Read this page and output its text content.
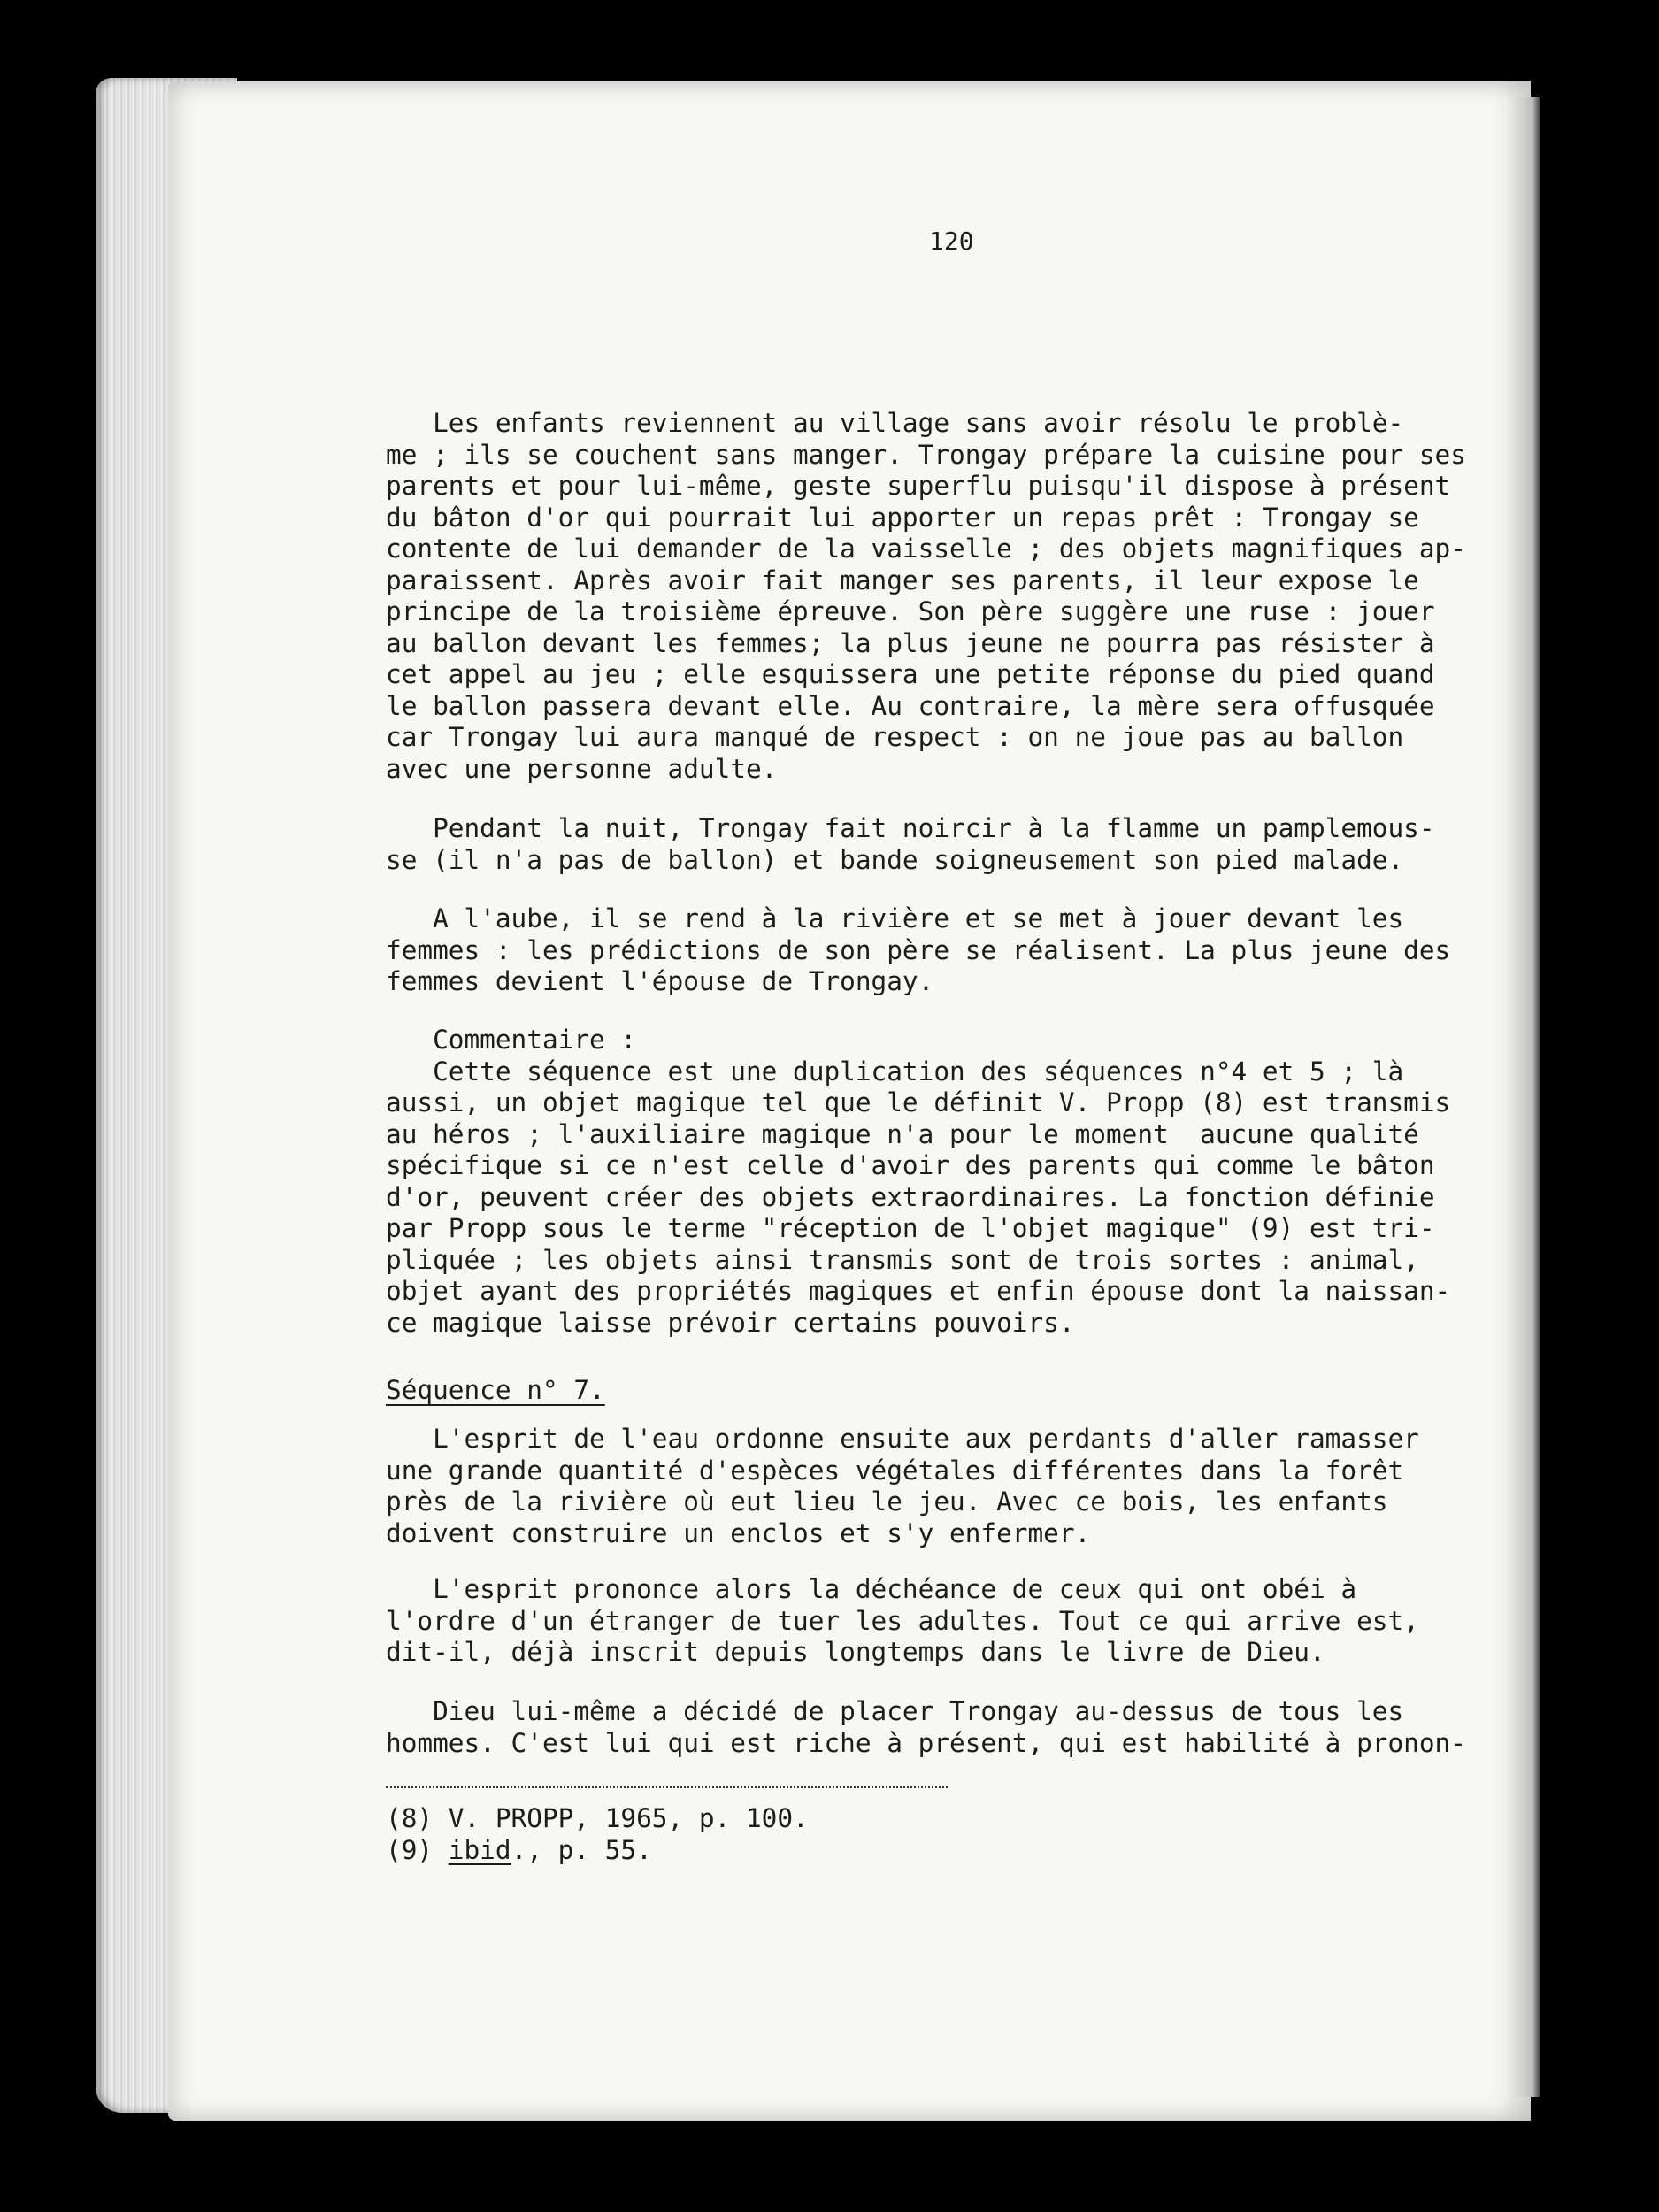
120

Les enfants reviennent au village sans avoir résolu le problè-
me ; ils se couchent sans manger. Trongay prépare la cuisine pour ses
parents et pour lui-même, geste superflu puisqu'il dispose à présent
du bâton d'or qui pourrait lui apporter un repas prêt : Trongay se
contente de lui demander de la vaisselle ; des objets magnifiques ap-
paraissent. Après avoir fait manger ses parents, il leur expose le
principe de la troisième épreuve. Son père suggère une ruse : jouer
au ballon devant les femmes; la plus jeune ne pourra pas résister à
cet appel au jeu ; elle esquissera une petite réponse du pied quand
le ballon passera devant elle. Au contraire, la mère sera offusquée
car Trongay lui aura manqué de respect : on ne joue pas au ballon
avec une personne adulte.

Pendant la nuit, Trongay fait noircir à la flamme un pamplemous-
se (il n'a pas de ballon) et bande soigneusement son pied malade.

A l'aube, il se rend à la rivière et se met à jouer devant les
femmes : les prédictions de son père se réalisent. La plus jeune des
femmes devient l'épouse de Trongay.

Commentaire :
Cette séquence est une duplication des séquences n°4 et 5 ; là
aussi, un objet magique tel que le définit V. Propp (8) est transmis
au héros ; l'auxiliaire magique n'a pour le moment  aucune qualité
spécifique si ce n'est celle d'avoir des parents qui comme le bâton
d'or, peuvent créer des objets extraordinaires. La fonction définie
par Propp sous le terme "réception de l'objet magique" (9) est tri-
pliquée ; les objets ainsi transmis sont de trois sortes : animal,
objet ayant des propriétés magiques et enfin épouse dont la naissan-
ce magique laisse prévoir certains pouvoirs.

Séquence n° 7.

L'esprit de l'eau ordonne ensuite aux perdants d'aller ramasser
une grande quantité d'espèces végétales différentes dans la forêt
près de la rivière où eut lieu le jeu. Avec ce bois, les enfants
doivent construire un enclos et s'y enfermer.

L'esprit prononce alors la déchéance de ceux qui ont obéi à
l'ordre d'un étranger de tuer les adultes. Tout ce qui arrive est,
dit-il, déjà inscrit depuis longtemps dans le livre de Dieu.

Dieu lui-même a décidé de placer Trongay au-dessus de tous les
hommes. C'est lui qui est riche à présent, qui est habilité à pronon-

(8) V. PROPP, 1965, p. 100.

(9) ibid., p. 55.
